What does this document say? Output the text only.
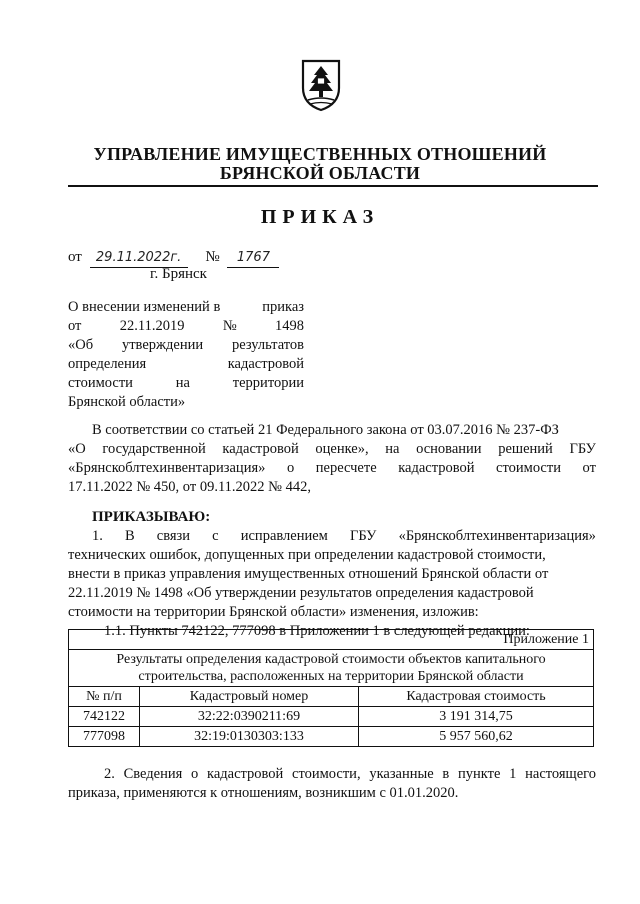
УПРАВЛЕНИЕ ИМУЩЕСТВЕННЫХ ОТНОШЕНИЙ
БРЯНСКОЙ ОБЛАСТИ
ПРИКАЗ
от 29.11.2022г. № 1767
г. Брянск
О внесении изменений в	приказ
от	22.11.2019	№	1498
«Об утверждении результатов
определения	кадастровой
стоимости	на	территории
Брянской области»
В соответствии со статьей 21 Федерального закона от 03.07.2016 № 237-ФЗ
«О государственной кадастровой оценке», на основании решений ГБУ
«Брянскоблтехинвентаризация» о пересчете кадастровой стоимости от
17.11.2022 № 450, от 09.11.2022 № 442,
ПРИКАЗЫВАЮ:
1. В связи с исправлением ГБУ «Брянскоблтехинвентаризация»
технических ошибок, допущенных при определении кадастровой стоимости,
внести в приказ управления имущественных отношений Брянской области от
22.11.2019 № 1498 «Об утверждении результатов определения кадастровой
стоимости на территории Брянской области» изменения, изложив:
1.1. Пункты 742122, 777098 в Приложении 1 в следующей редакции:
Приложение 1		

Результаты определения кадастровой стоимости объектов капитального
строительства, расположенных на территории Брянской области		

№ п/п	Кадастровый номер	Кадастровая стоимость
742122	32:22:0390211:69	3 191 314,75
777098	32:19:0130303:133	5 957 560,62
2. Сведения о кадастровой стоимости, указанные в пункте 1 настоящего
приказа, применяются к отношениям, возникшим с 01.01.2020.
